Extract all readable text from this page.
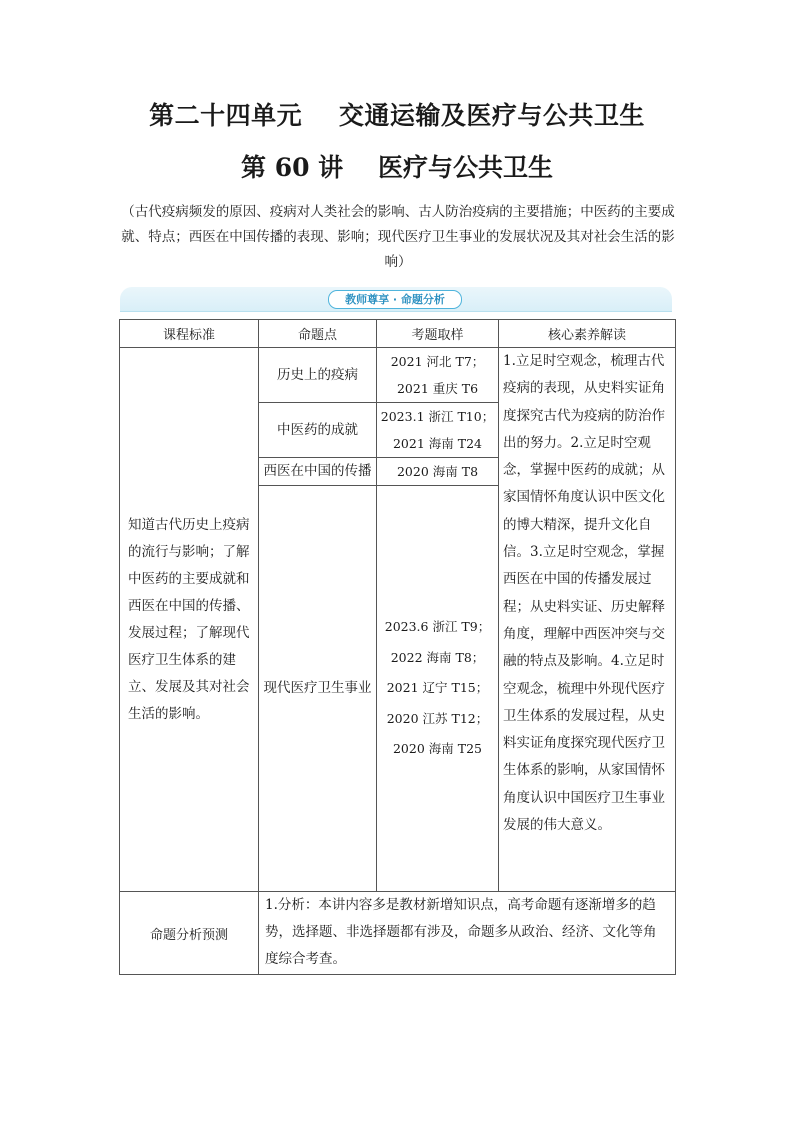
第二十四单元    交通运输及医疗与公共卫生
第 60 讲    医疗与公共卫生
（古代疫病频发的原因、疫病对人类社会的影响、古人防治疫病的主要措施；中医药的主要成就、特点；西医在中国传播的表现、影响；现代医疗卫生事业的发展状况及其对社会生活的影响）
教师尊享 · 命题分析
课程标准	命题点	考题取样	核心素养解读
知道古代历史上疫病的流行与影响；了解中医药的主要成就和西医在中国的传播、发展过程；了解现代医疗卫生体系的建立、发展及其对社会生活的影响。	历史上的疫病	2021 河北 T7；
2021 重庆 T6	1.立足时空观念，梳理古代疫病的表现，从史料实证角度探究古代为疫病的防治作出的努力。2.立足时空观念，掌握中医药的成就；从家国情怀角度认识中医文化的博大精深，提升文化自信。3.立足时空观念，掌握西医在中国的传播发展过程；从史料实证、历史解释角度，理解中西医冲突与交融的特点及影响。4.立足时空观念，梳理中外现代医疗卫生体系的发展过程，从史料实证角度探究现代医疗卫生体系的影响，从家国情怀角度认识中国医疗卫生事业发展的伟大意义。
	中医药的成就	2023.1 浙江 T10；
2021 海南 T24	

	西医在中国的传播	2020 海南 T8	

	现代医疗卫生事业	2023.6 浙江 T9；
2022 海南 T8；
2021 辽宁 T15；
2020 江苏 T12；
2020 海南 T25	

命题分析预测	1.分析：本讲内容多是教材新增知识点，高考命题有逐渐增多的趋势，选择题、非选择题都有涉及，命题多从政治、经济、文化等角度综合考查。		
